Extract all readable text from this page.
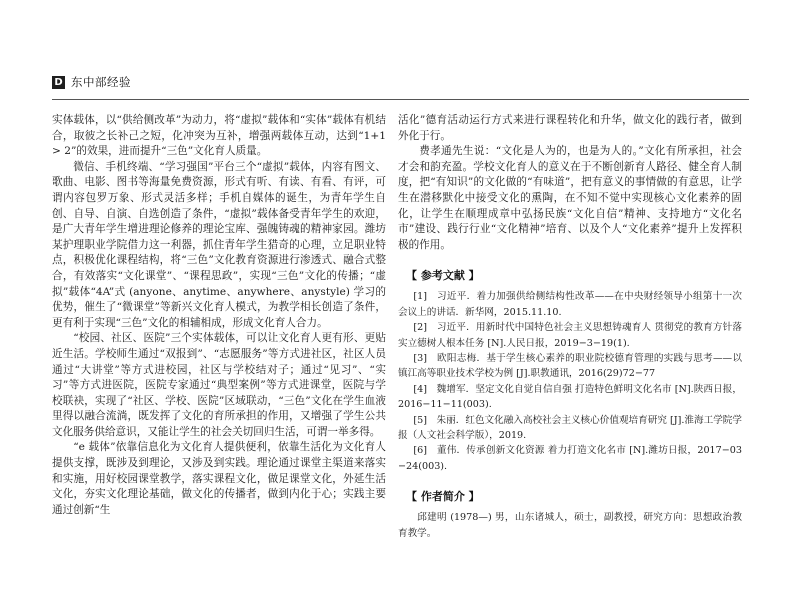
D 东中部经验

实体载体，以“供给侧改革”为动力，将“虚拟”载体和“实体”载体有机结合，取彼之长补己之短，化冲突为互补，增强两载体互动，达到“1+1 > 2”的效果，进而提升“三色”文化育人质量。

微信、手机终端、“学习强国”平台三个“虚拟”载体，内容有图文、歌曲、电影、图书等海量免费资源，形式有听、有读、有看、有评，可谓内容包罗万象、形式灵活多样；手机自媒体的诞生，为青年学生自创、自导、自演、自选创造了条件，“虚拟”载体备受青年学生的欢迎，是广大青年学生增进理论修养的理论宝库、强魄铸魂的精神家园。潍坊某护理职业学院借力这一利器，抓住青年学生猎奇的心理，立足职业特点，积极优化课程结构，将“三色”文化教育资源进行渗透式、融合式整合，有效落实“文化课堂”、“课程思政”，实现“三色”文化的传播；“虚拟”载体“4A”式 (anyone、anytime、anywhere、anystyle) 学习的优势，催生了“微课堂”等新兴文化育人模式，为教学相长创造了条件，更有利于实现“三色”文化的相辅相成，形成文化育人合力。

“校园、社区、医院”三个实体载体，可以让文化育人更有形、更贴近生活。学校师生通过“双报到”、“志愿服务”等方式进社区，社区人员通过“大讲堂”等方式进校园，社区与学校结对子；通过“见习”、“实习”等方式进医院，医院专家通过“典型案例”等方式进课堂，医院与学校联袂，实现了“社区、学校、医院”区域联动，“三色”文化在学生血液里得以融合流淌，既发挥了文化的育所承担的作用，又增强了学生公共文化服务供给意识，又能让学生的社会关切回归生活，可谓一举多得。

“e 载体”依靠信息化为文化育人提供便利，依靠生活化为文化育人提供支撑，既涉及到理论，又涉及到实践。理论通过课堂主渠道来落实和实施，用好校园课堂教学，落实课程文化，做足课堂文化，外延生活文化，夯实文化理论基础，做文化的传播者，做到内化于心；实践主要通过创新“生

活化”德育活动运行方式来进行课程转化和升华，做文化的践行者，做到外化于行。

费孝通先生说：“文化是人为的，也是为人的。”文化有所承担，社会才会和韵充盈。学校文化育人的意义在于不断创新育人路径、健全育人制度，把“有知识”的文化做的“有味道”，把有意义的事情做的有意思，让学生在潜移默化中接受文化的熏陶，在不知不觉中实现核心文化素养的固化，让学生在顺理成章中弘扬民族“文化自信”精神、支持地方“文化名市”建设、践行行业“文化精神”培育、以及个人“文化素养”提升上发挥积极的作用。

【 参考文献 】

[1]　习近平．着力加强供给侧结构性改革——在中央财经领导小组第十一次会议上的讲话．新华网，2015.11.10.

[2]　习近平．用新时代中国特色社会主义思想铸魂育人 贯彻党的教育方针落实立德树人根本任务 [N].人民日报，2019−3−19(1).

[3]　欧阳志梅．基于学生核心素养的职业院校德育管理的实践与思考——以镇江高等职业技术学校为例 [J].职教通讯，2016(29)72−77

[4]　魏增军．坚定文化自觉自信自强 打造特色鲜明文化名市 [N].陕西日报，2016−11−11(003).

[5]　朱丽．红色文化融入高校社会主义核心价值观培育研究 [J].淮海工学院学报（人文社会科学版），2019.

[6]　董伟．传承创新文化资源 着力打造文化名市 [N].潍坊日报，2017−03−24(003).

【 作者简介 】

邱建明 (1978—) 男，山东诸城人，硕士，副教授，研究方向：思想政治教育教学。
